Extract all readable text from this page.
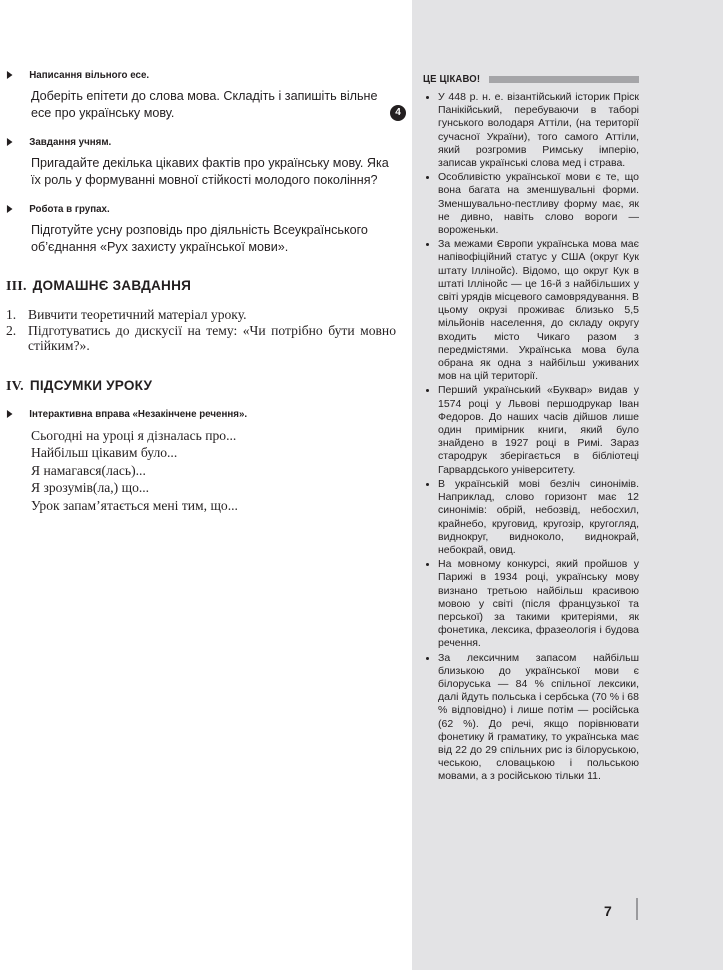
Написання вільного есе.
Доберіть епітети до слова мова. Складіть і запишіть вільне есе про українську мову.	4
Завдання учням.
Пригадайте декілька цікавих фактів про українську мову. Яка їх роль у формуванні мовної стійкості молодого покоління?
Робота в групах.
Підготуйте усну розповідь про діяльність Всеукраїнського об’єднання «Рух захисту української мови».
III. ДОМАШНЄ ЗАВДАННЯ
1. Вивчити теоретичний матеріал уроку.
2. Підготуватись до дискусії на тему: «Чи потрібно бути мовно стійким?».
IV. ПІДСУМКИ УРОКУ
Інтерактивна вправа «Незакінчене речення».
Сьогодні на уроці я дізналась про...
Найбільш цікавим було...
Я намагався(лась)...
Я зрозумів(ла,) що...
Урок запам’ятається мені тим, що...
ЦЕ ЦІКАВО!
У 448 р. н. е. візантійський історик Пріск Панікійський, перебуваючи в таборі гунського володаря Аттіли, (на території сучасної України), того самого Аттіли, який розгромив Римську імперію, записав українські слова мед і страва.
Особливістю української мови є те, що вона багата на зменшувальні форми. Зменшувально-пестливу форму має, як не дивно, навіть слово вороги — вороженьки.
За межами Європи українська мова має напівофіційний статус у США (округ Кук штату Іллінойс). Відомо, що округ Кук в штаті Іллінойс — це 16-й з найбільших у світі урядів місцевого самоврядування. В цьому окрузі проживає близько 5,5 мільйонів населення, до складу округу входить місто Чикаго разом з передмістями. Українська мова була обрана як одна з найбільш уживаних мов на цій території.
Перший український «Буквар» видав у 1574 році у Львові першодрукар Іван Федоров. До наших часів дійшов лише один примірник книги, який було знайдено в 1927 році в Римі. Зараз стародрук зберігається в бібліотеці Гарвардського університету.
В українській мові безліч синонімів. Наприклад, слово горизонт має 12 синонімів: обрій, небозвід, небосхил, крайнебо, круговид, кругозір, кругогляд, виднокруг, видноколо, виднокрай, небокрай, овид.
На мовному конкурсі, який пройшов у Парижі в 1934 році, українську мову визнано третьою найбільш красивою мовою у світі (після французької та перської) за такими критеріями, як фонетика, лексика, фразеологія і будова речення.
За лексичним запасом найбільш близькою до української мови є білоруська — 84 % спільної лексики, далі йдуть польська і сербська (70 % і 68 % відповідно) і лише потім — російська (62 %). До речі, якщо порівнювати фонетику й граматику, то українська має від 22 до 29 спільних рис із білоруською, чеською, словацькою і польською мовами, а з російською тільки 11.
7
